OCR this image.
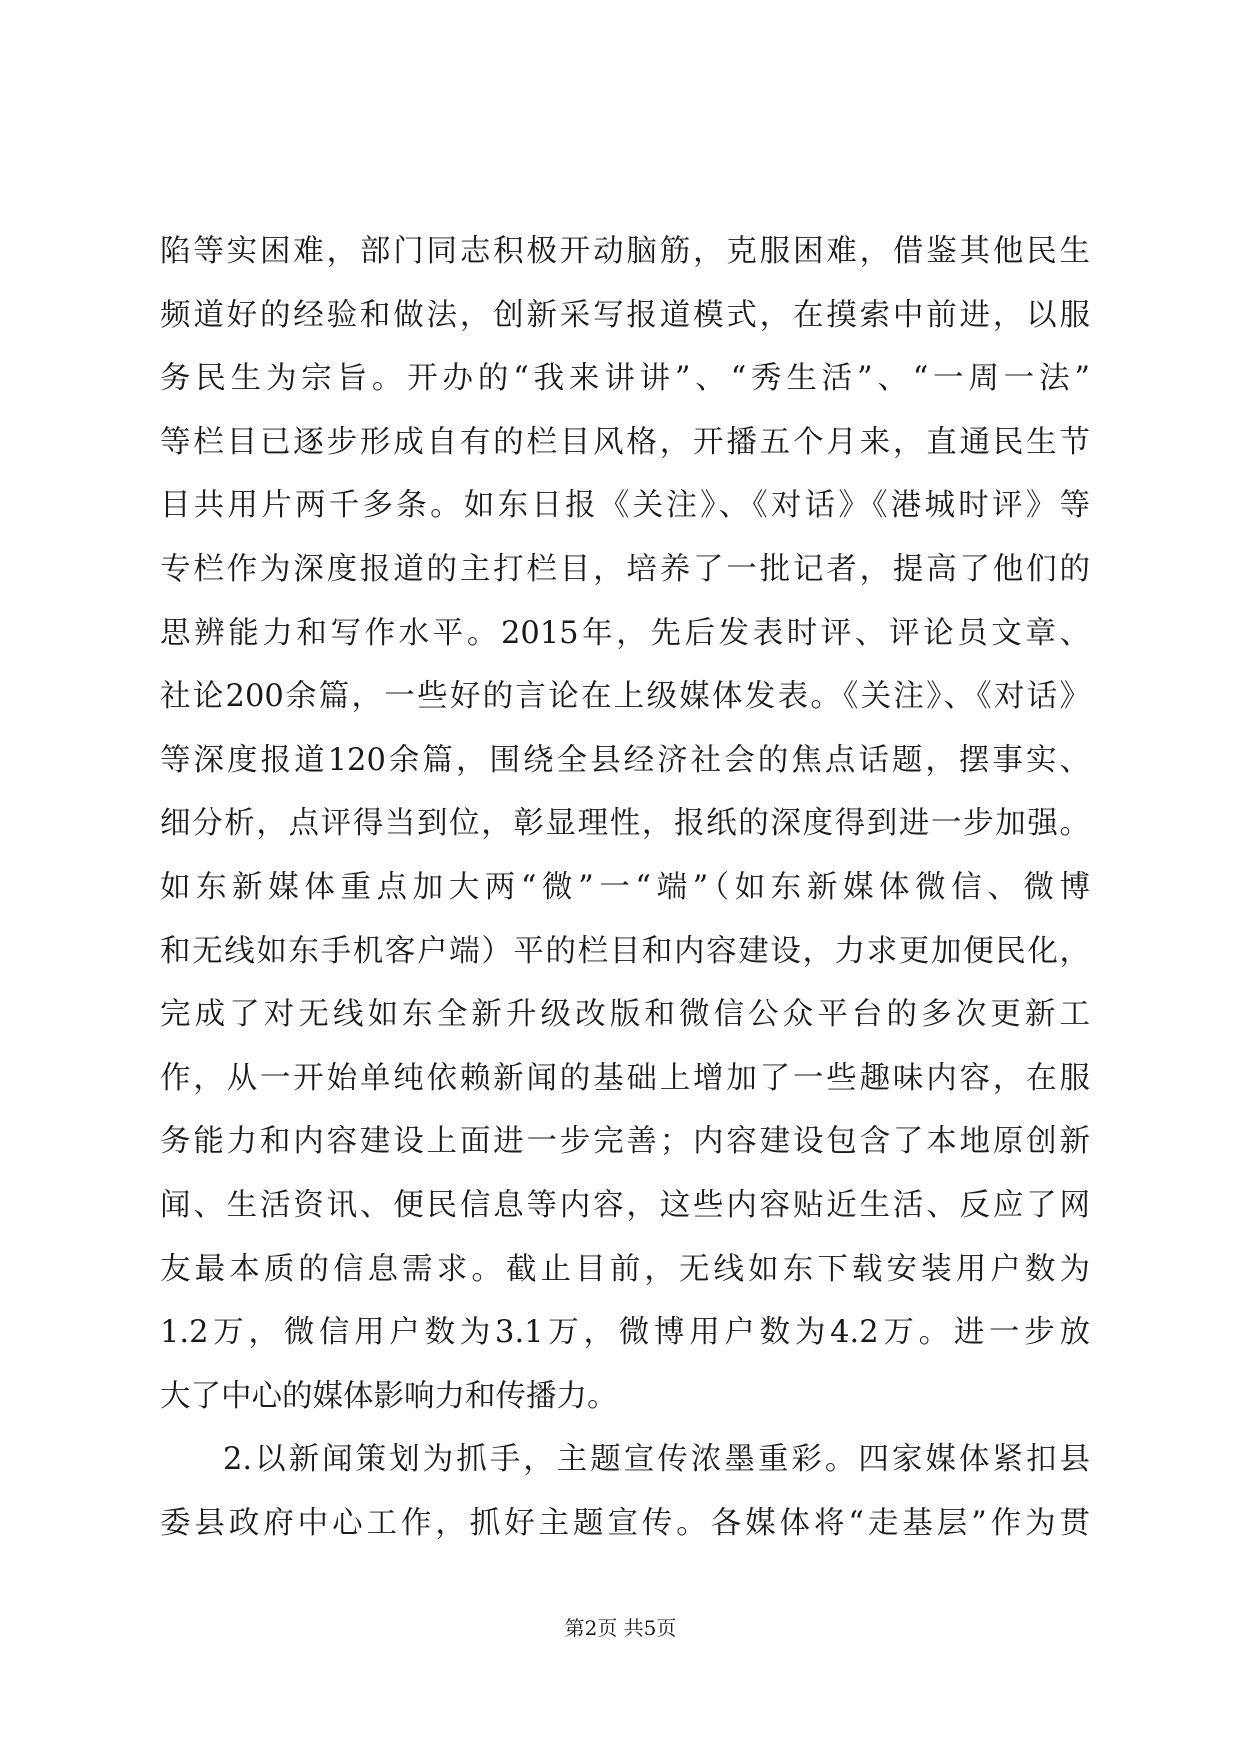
陷等实困难，部门同志积极开动脑筋，克服困难，借鉴其他民生
频道好的经验和做法，创新采写报道模式，在摸索中前进，以服
务民生为宗旨。开办的“我来讲讲”、“秀生活”、“一周一法”
等栏目已逐步形成自有的栏目风格，开播五个月来，直通民生节
目共用片两千多条。如东日报《关注》、《对话》《港城时评》等
专栏作为深度报道的主打栏目，培养了一批记者，提高了他们的
思辨能力和写作水平。2015年，先后发表时评、评论员文章、
社论200余篇，一些好的言论在上级媒体发表。《关注》、《对话》
等深度报道120余篇，围绕全县经济社会的焦点话题，摆事实、
细分析，点评得当到位，彰显理性，报纸的深度得到进一步加强。
如东新媒体重点加大两“微”一“端”（如东新媒体微信、微博
和无线如东手机客户端）平的栏目和内容建设，力求更加便民化，
完成了对无线如东全新升级改版和微信公众平台的多次更新工
作，从一开始单纯依赖新闻的基础上增加了一些趣味内容，在服
务能力和内容建设上面进一步完善；内容建设包含了本地原创新
闻、生活资讯、便民信息等内容，这些内容贴近生活、反应了网
友最本质的信息需求。截止目前，无线如东下载安装用户数为
1.2万，微信用户数为3.1万，微博用户数为4.2万。进一步放
大了中心的媒体影响力和传播力。
2.以新闻策划为抓手，主题宣传浓墨重彩。四家媒体紧扣县
委县政府中心工作，抓好主题宣传。各媒体将“走基层”作为贯

第2页 共5页
